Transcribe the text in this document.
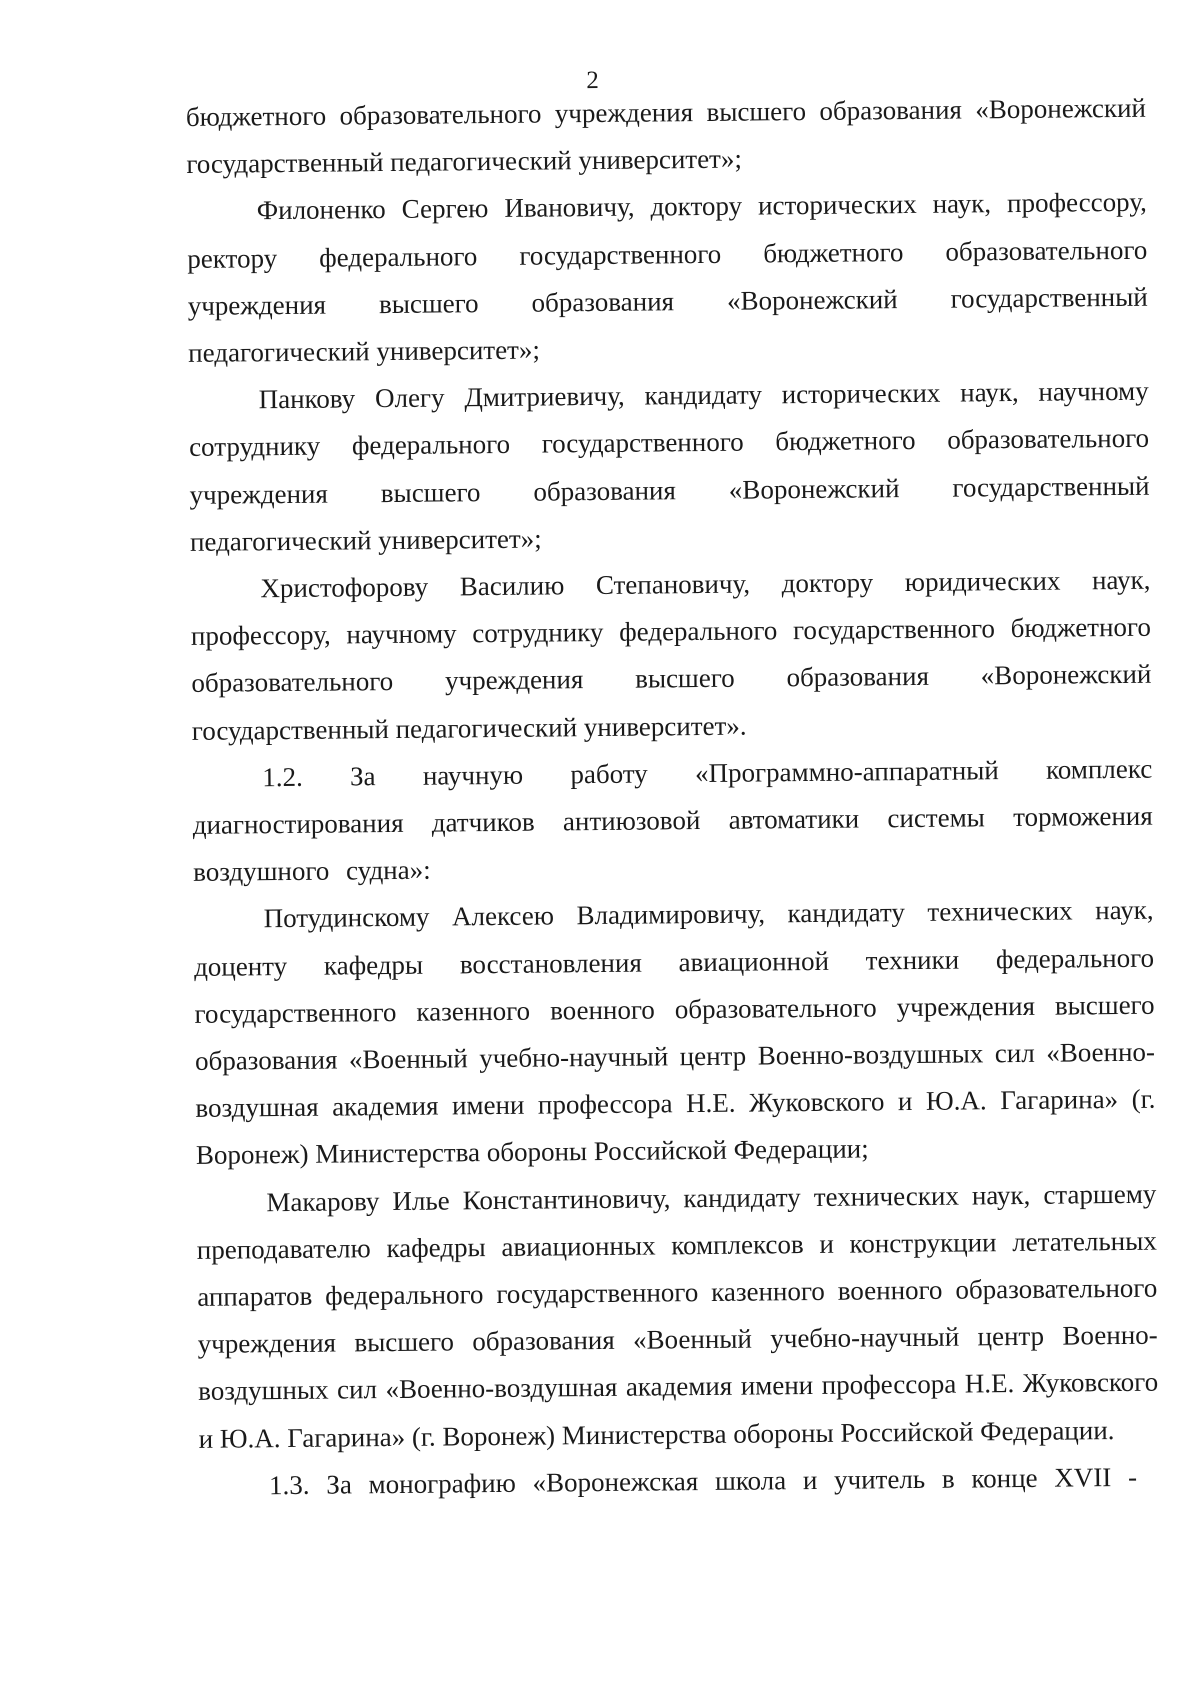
2

бюджетного образовательного учреждения высшего образования «Воронежский государственный педагогический университет»;

Филоненко Сергею Ивановичу, доктору исторических наук, профессору, ректору федерального государственного бюджетного образовательного учреждения высшего образования «Воронежский государственный педагогический университет»;

Панкову Олегу Дмитриевичу, кандидату исторических наук, научному сотруднику федерального государственного бюджетного образовательного учреждения высшего образования «Воронежский государственный педагогический университет»;

Христофорову Василию Степановичу, доктору юридических наук, профессору, научному сотруднику федерального государственного бюджетного образовательного учреждения высшего образования «Воронежский государственный педагогический университет».

1.2. За научную работу «Программно-аппаратный комплекс диагностирования датчиков антиюзовой автоматики системы торможения воздушного судна»:

Потудинскому Алексею Владимировичу, кандидату технических наук, доценту кафедры восстановления авиационной техники федерального государственного казенного военного образовательного учреждения высшего образования «Военный учебно-научный центр Военно-воздушных сил «Военно-воздушная академия имени профессора Н.Е. Жуковского и Ю.А. Гагарина» (г. Воронеж) Министерства обороны Российской Федерации;

Макарову Илье Константиновичу, кандидату технических наук, старшему преподавателю кафедры авиационных комплексов и конструкции летательных аппаратов федерального государственного казенного военного образовательного учреждения высшего образования «Военный учебно-научный центр Военно-воздушных сил «Военно-воздушная академия имени профессора Н.Е. Жуковского и Ю.А. Гагарина» (г. Воронеж) Министерства обороны Российской Федерации.

1.3. За монографию «Воронежская школа и учитель в конце XVII -
